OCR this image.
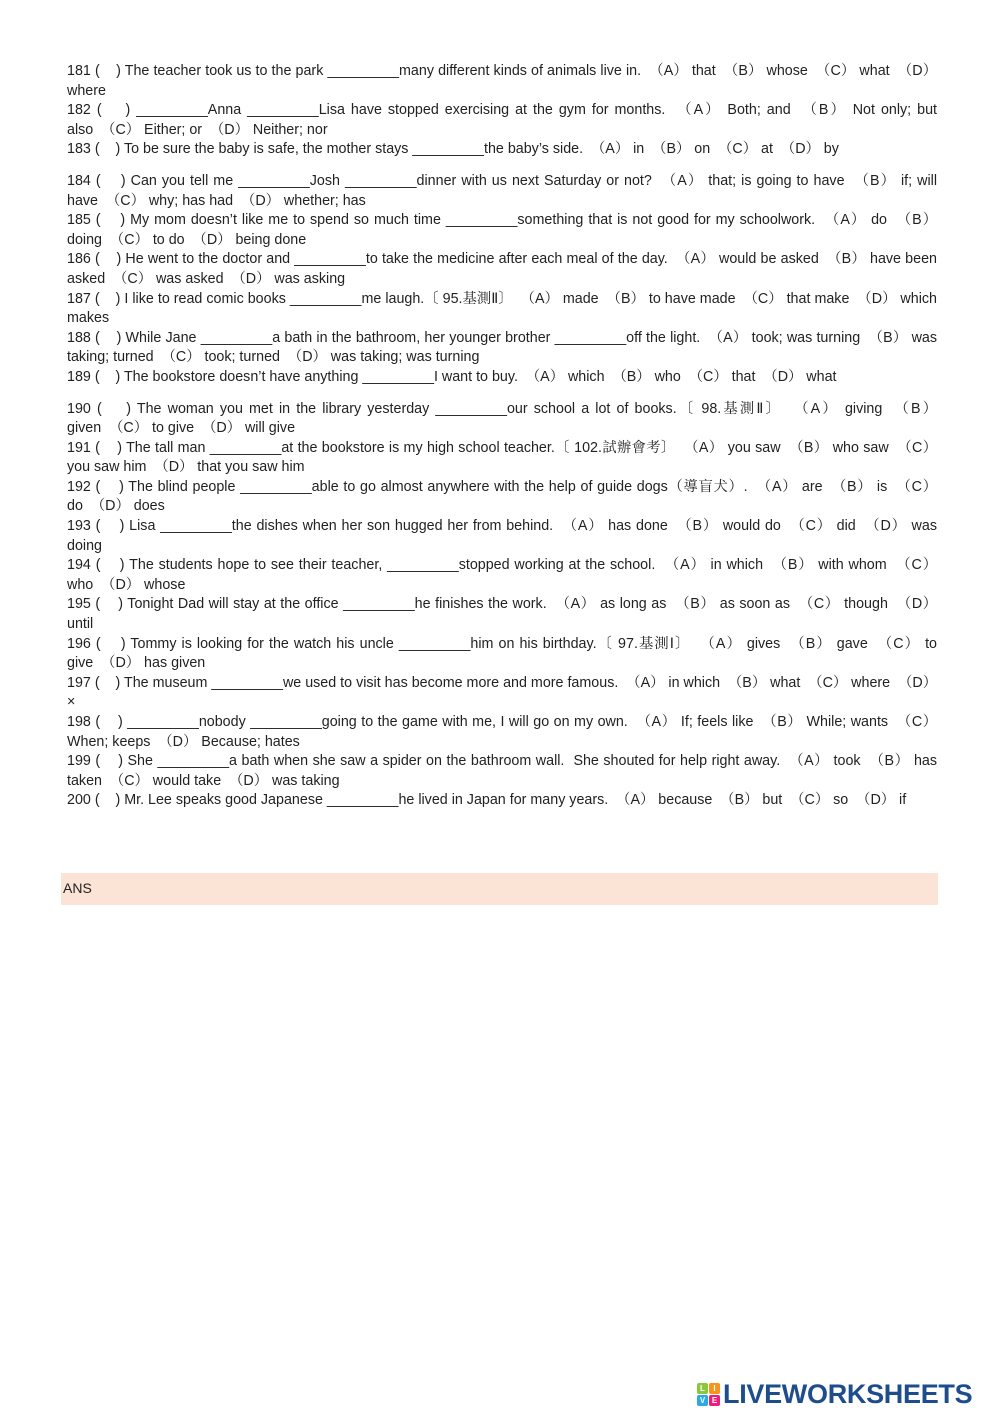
181 (    ) The teacher took us to the park _________many different kinds of animals live in.  （A） that  （B） whose  （C） what  （D） where

182 (    ) _________Anna _________Lisa have stopped exercising at the gym for months.  （A） Both; and  （B） Not only; but also  （C） Either; or  （D） Neither; nor

183 (    ) To be sure the baby is safe, the mother stays _________the baby’s side.  （A） in  （B） on  （C） at  （D） by

184 (    ) Can you tell me _________Josh _________dinner with us next Saturday or not?  （A） that; is going to have  （B） if; will have  （C） why; has had  （D） whether; has

185 (    ) My mom doesn’t like me to spend so much time _________something that is not good for my schoolwork.  （A） do  （B） doing  （C） to do  （D） being done

186 (    ) He went to the doctor and _________to take the medicine after each meal of the day.  （A） would be asked  （B） have been asked  （C） was asked  （D） was asking

187 (    ) I like to read comic books _________me laugh.〔 95.基測Ⅱ〕  （A） made  （B） to have made  （C） that make  （D） which makes

188 (    ) While Jane _________a bath in the bathroom, her younger brother _________off the light.  （A） took; was turning  （B） was taking; turned  （C） took; turned  （D） was taking; was turning

189 (    ) The bookstore doesn’t have anything _________I want to buy.  （A） which  （B） who  （C） that  （D） what

190 (    ) The woman you met in the library yesterday _________our school a lot of books.〔 98.基測Ⅱ〕  （A） giving  （B） given  （C） to give  （D） will give

191 (    ) The tall man _________at the bookstore is my high school teacher.〔 102.試辦會考〕  （A） you saw  （B） who saw  （C） you saw him  （D） that you saw him

192 (    ) The blind people _________able to go almost anywhere with the help of guide dogs（導盲犬）.  （A） are  （B） is  （C） do  （D） does

193 (    ) Lisa _________the dishes when her son hugged her from behind.  （A） has done  （B） would do  （C） did  （D） was doing

194 (    ) The students hope to see their teacher, _________stopped working at the school.  （A） in which  （B） with whom  （C） who  （D） whose

195 (    ) Tonight Dad will stay at the office _________he finishes the work.  （A） as long as  （B） as soon as  （C） though  （D） until

196 (    ) Tommy is looking for the watch his uncle _________him on his birthday.〔 97.基測Ⅰ〕  （A） gives  （B） gave  （C） to give  （D） has given

197 (    ) The museum _________we used to visit has become more and more famous.  （A） in which  （B） what  （C） where  （D） ×

198 (    ) _________nobody _________going to the game with me, I will go on my own.  （A） If; feels like  （B） While; wants  （C） When; keeps  （D） Because; hates

199 (    ) She _________a bath when she saw a spider on the bathroom wall.  She shouted for help right away.  （A） took  （B） has taken  （C） would take  （D） was taking

200 (    ) Mr. Lee speaks good Japanese _________he lived in Japan for many years.  （A） because  （B） but  （C） so  （D） if

ANS
L	I
V E LIVEWORKSHEETS
